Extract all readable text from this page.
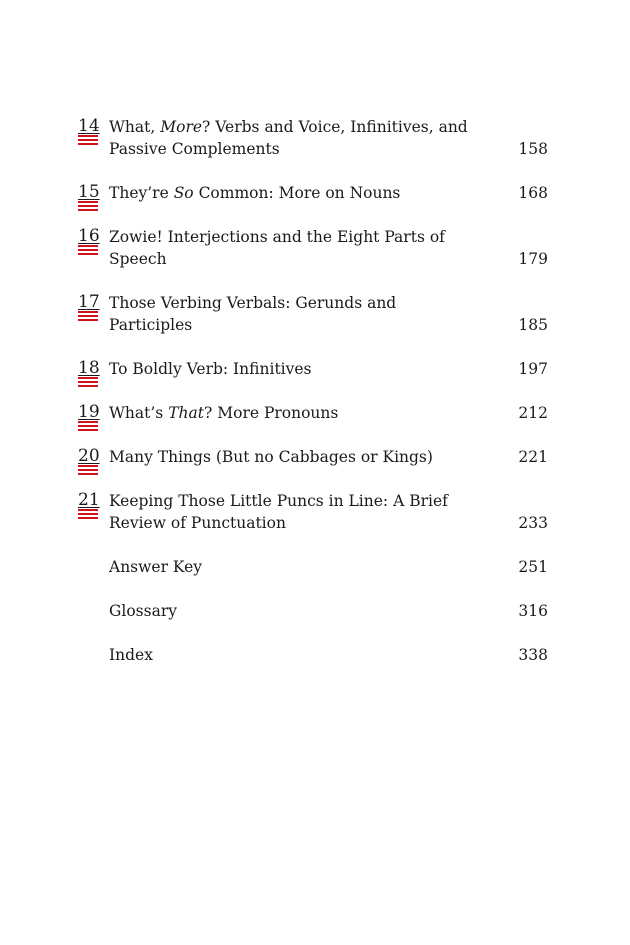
14 What, More? Verbs and Voice, Infinitives, and Passive Complements	158
15 They’re So Common: More on Nouns	168
16 Zowie! Interjections and the Eight Parts of Speech	179
17 Those Verbing Verbals: Gerunds and Participles	185
18 To Boldly Verb: Infinitives	197
19 What’s That? More Pronouns	212
20 Many Things (But no Cabbages or Kings)	221
21 Keeping Those Little Puncs in Line: A Brief Review of Punctuation	233
Answer Key	251
Glossary	316
Index	338
